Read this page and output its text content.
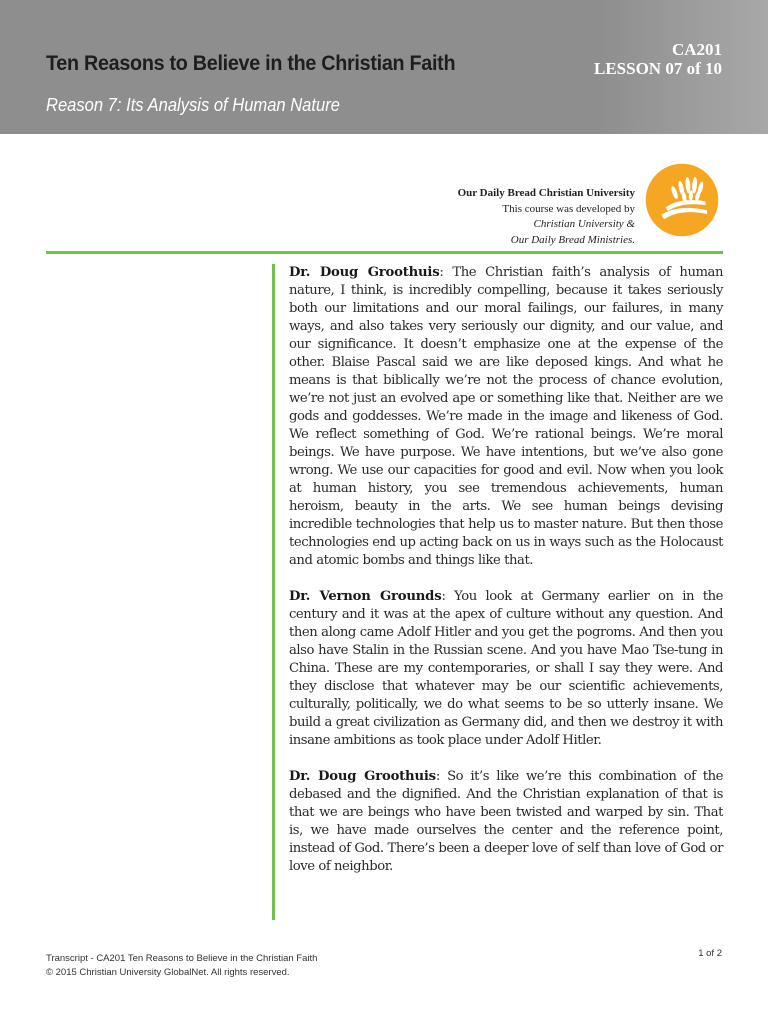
Ten Reasons to Believe in the Christian Faith
Reason 7: Its Analysis of Human Nature
CA201
LESSON 07 of 10
Our Daily Bread Christian University
This course was developed by
Christian University &
Our Daily Bread Ministries.

Dr. Doug Groothuis: The Christian faith’s analysis of human nature, I think, is incredibly compelling, because it takes seriously both our limitations and our moral failings, our failures, in many ways, and also takes very seriously our dignity, and our value, and our significance. It doesn’t emphasize one at the expense of the other. Blaise Pascal said we are like deposed kings. And what he means is that biblically we’re not the process of chance evolution, we’re not just an evolved ape or something like that. Neither are we gods and goddesses. We’re made in the image and likeness of God. We reflect something of God. We’re rational beings. We’re moral beings. We have purpose. We have intentions, but we’ve also gone wrong. We use our capacities for good and evil. Now when you look at human history, you see tremendous achievements, human heroism, beauty in the arts. We see human beings devising incredible technologies that help us to master nature. But then those technologies end up acting back on us in ways such as the Holocaust and atomic bombs and things like that.

Dr. Vernon Grounds: You look at Germany earlier on in the century and it was at the apex of culture without any question. And then along came Adolf Hitler and you get the pogroms. And then you also have Stalin in the Russian scene. And you have Mao Tse-tung in China. These are my contemporaries, or shall I say they were. And they disclose that whatever may be our scientific achievements, culturally, politically, we do what seems to be so utterly insane. We build a great civilization as Germany did, and then we destroy it with insane ambitions as took place under Adolf Hitler.

Dr. Doug Groothuis: So it’s like we’re this combination of the debased and the dignified. And the Christian explanation of that is that we are beings who have been twisted and warped by sin. That is, we have made ourselves the center and the reference point, instead of God. There’s been a deeper love of self than love of God or love of neighbor.

Transcript - CA201 Ten Reasons to Believe in the Christian Faith
© 2015 Christian University GlobalNet. All rights reserved.
1 of 2
